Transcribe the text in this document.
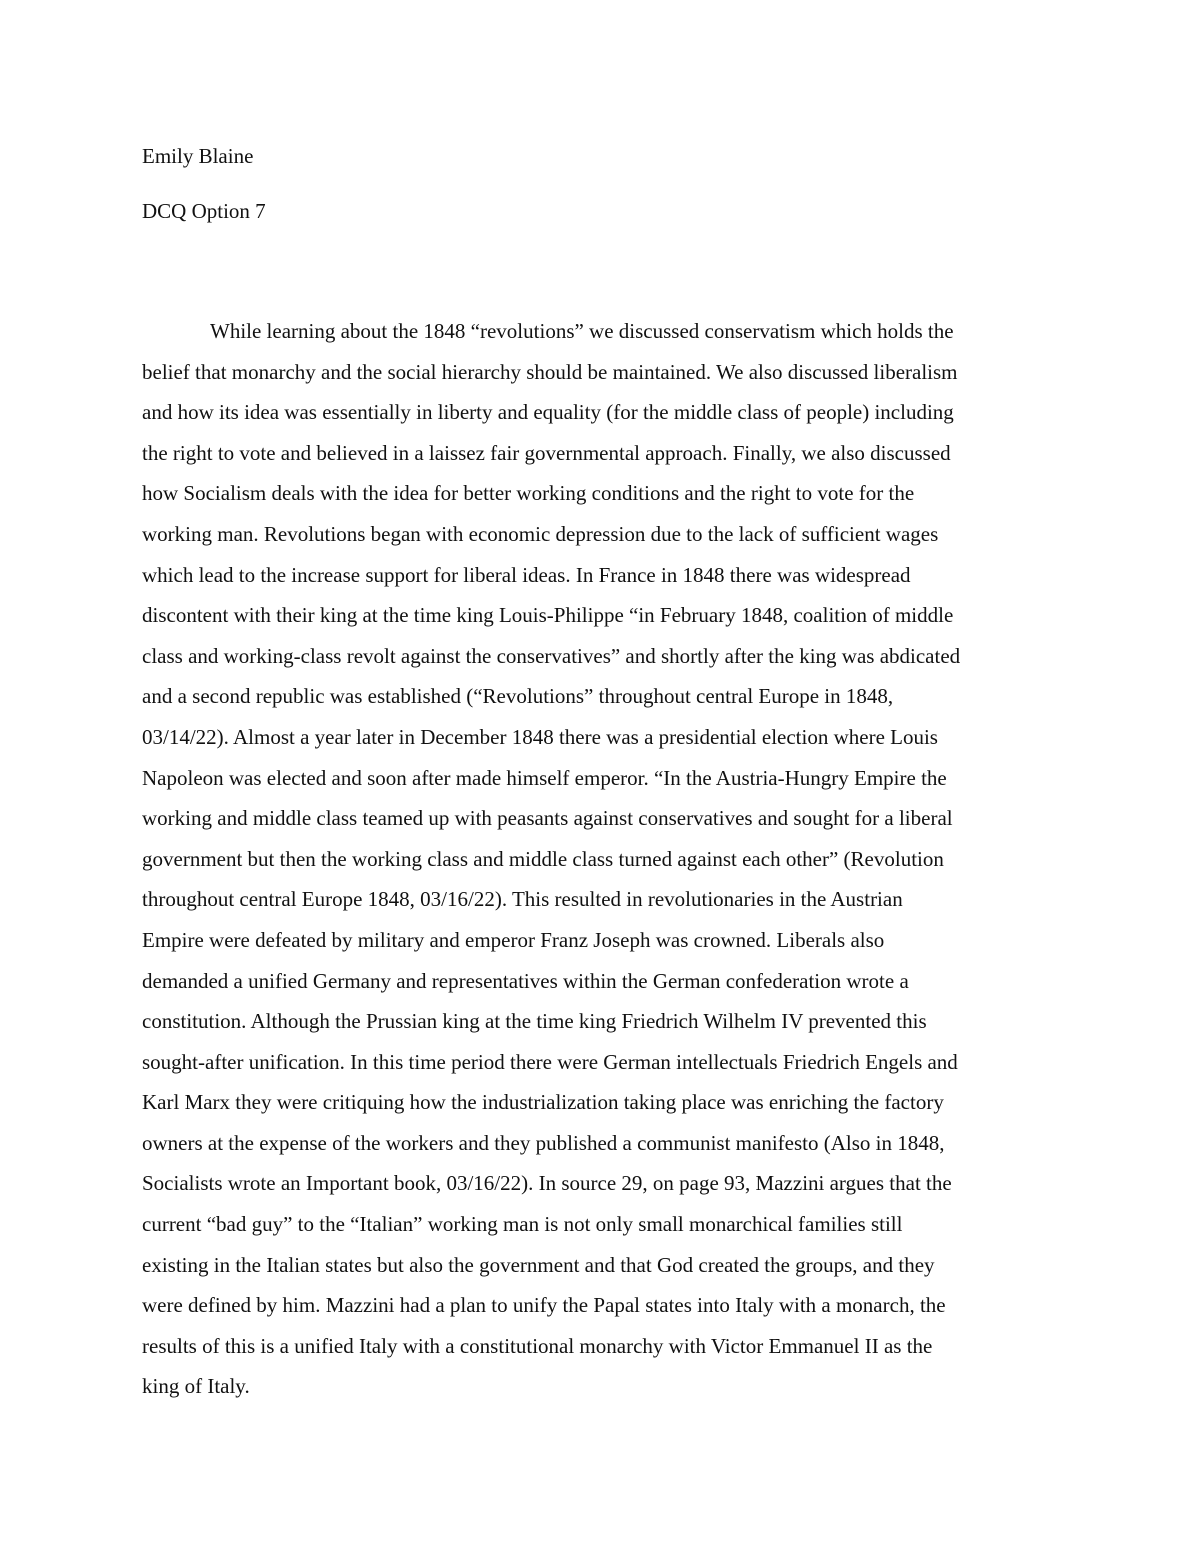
Emily Blaine
DCQ Option 7
While learning about the 1848 “revolutions” we discussed conservatism which holds the
belief that monarchy and the social hierarchy should be maintained. We also discussed liberalism
and how its idea was essentially in liberty and equality (for the middle class of people) including
the right to vote and believed in a laissez fair governmental approach. Finally, we also discussed
how Socialism deals with the idea for better working conditions and the right to vote for the
working man. Revolutions began with economic depression due to the lack of sufficient wages
which lead to the increase support for liberal ideas. In France in 1848 there was widespread
discontent with their king at the time king Louis-Philippe “in February 1848, coalition of middle
class and working-class revolt against the conservatives” and shortly after the king was abdicated
and a second republic was established (“Revolutions” throughout central Europe in 1848,
03/14/22). Almost a year later in December 1848 there was a presidential election where Louis
Napoleon was elected and soon after made himself emperor. “In the Austria-Hungry Empire the
working and middle class teamed up with peasants against conservatives and sought for a liberal
government but then the working class and middle class turned against each other” (Revolution
throughout central Europe 1848, 03/16/22). This resulted in revolutionaries in the Austrian
Empire were defeated by military and emperor Franz Joseph was crowned. Liberals also
demanded a unified Germany and representatives within the German confederation wrote a
constitution. Although the Prussian king at the time king Friedrich Wilhelm IV prevented this
sought-after unification. In this time period there were German intellectuals Friedrich Engels and
Karl Marx they were critiquing how the industrialization taking place was enriching the factory
owners at the expense of the workers and they published a communist manifesto (Also in 1848,
Socialists wrote an Important book, 03/16/22). In source 29, on page 93, Mazzini argues that the
current “bad guy” to the “Italian” working man is not only small monarchical families still
existing in the Italian states but also the government and that God created the groups, and they
were defined by him. Mazzini had a plan to unify the Papal states into Italy with a monarch, the
results of this is a unified Italy with a constitutional monarchy with Victor Emmanuel II as the
king of Italy.
